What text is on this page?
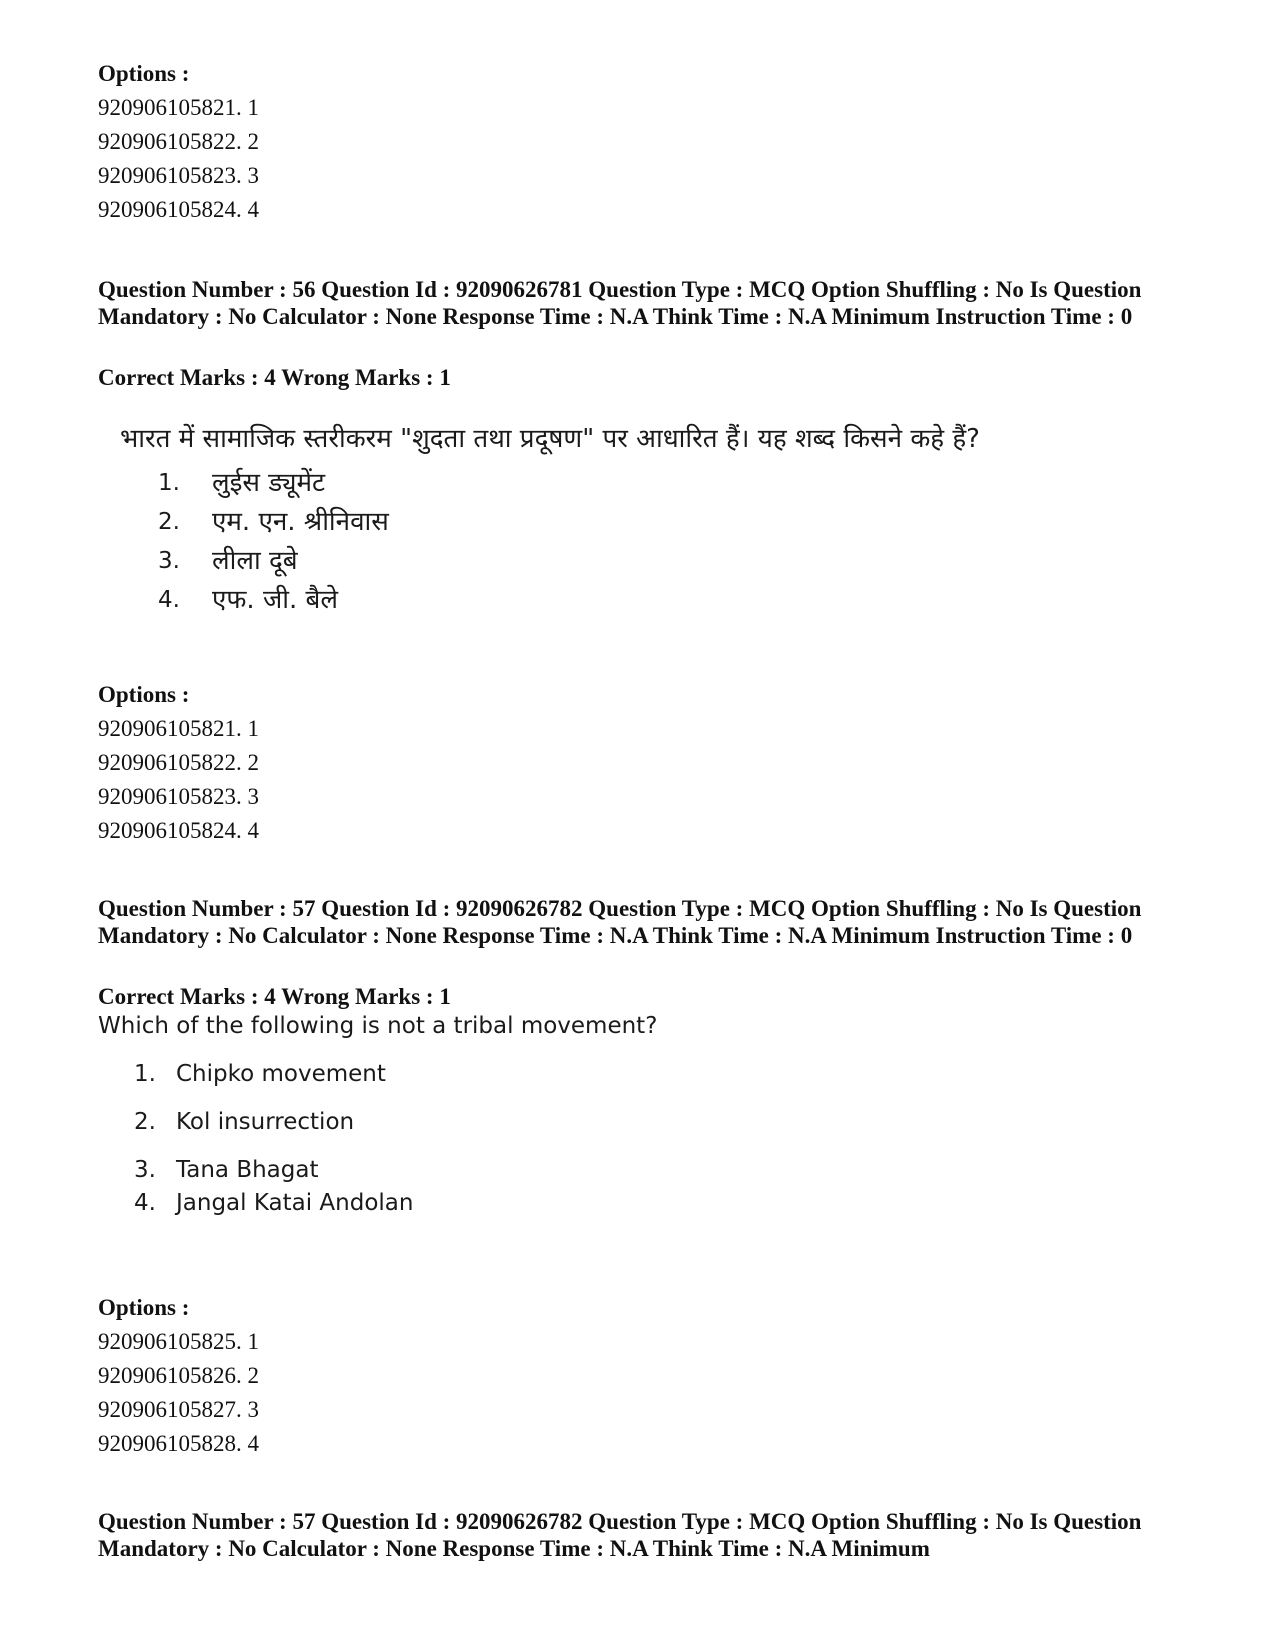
Options :
920906105821. 1
920906105822. 2
920906105823. 3
920906105824. 4
Question Number : 56 Question Id : 92090626781 Question Type : MCQ Option Shuffling : No Is Question Mandatory : No Calculator : None Response Time : N.A Think Time : N.A Minimum Instruction Time : 0
Correct Marks : 4 Wrong Marks : 1

भारत में सामाजिक स्तरीकरम "शुदता तथा प्रदूषण" पर आधारित हैं। यह शब्द किसने कहे हैं?

1. लुईस ड्यूमेंट
2. एम. एन. श्रीनिवास
3. लीला दूबे
4. एफ. जी. बैले
Options :
920906105821. 1
920906105822. 2
920906105823. 3
920906105824. 4
Question Number : 57 Question Id : 92090626782 Question Type : MCQ Option Shuffling : No Is Question Mandatory : No Calculator : None Response Time : N.A Think Time : N.A Minimum Instruction Time : 0
Correct Marks : 4 Wrong Marks : 1

Which of the following is not a tribal movement?

1. Chipko movement
2. Kol insurrection
3. Tana Bhagat
4. Jangal Katai Andolan
Options :
920906105825. 1
920906105826. 2
920906105827. 3
920906105828. 4
Question Number : 57 Question Id : 92090626782 Question Type : MCQ Option Shuffling : No Is Question Mandatory : No Calculator : None Response Time : N.A Think Time : N.A Minimum
